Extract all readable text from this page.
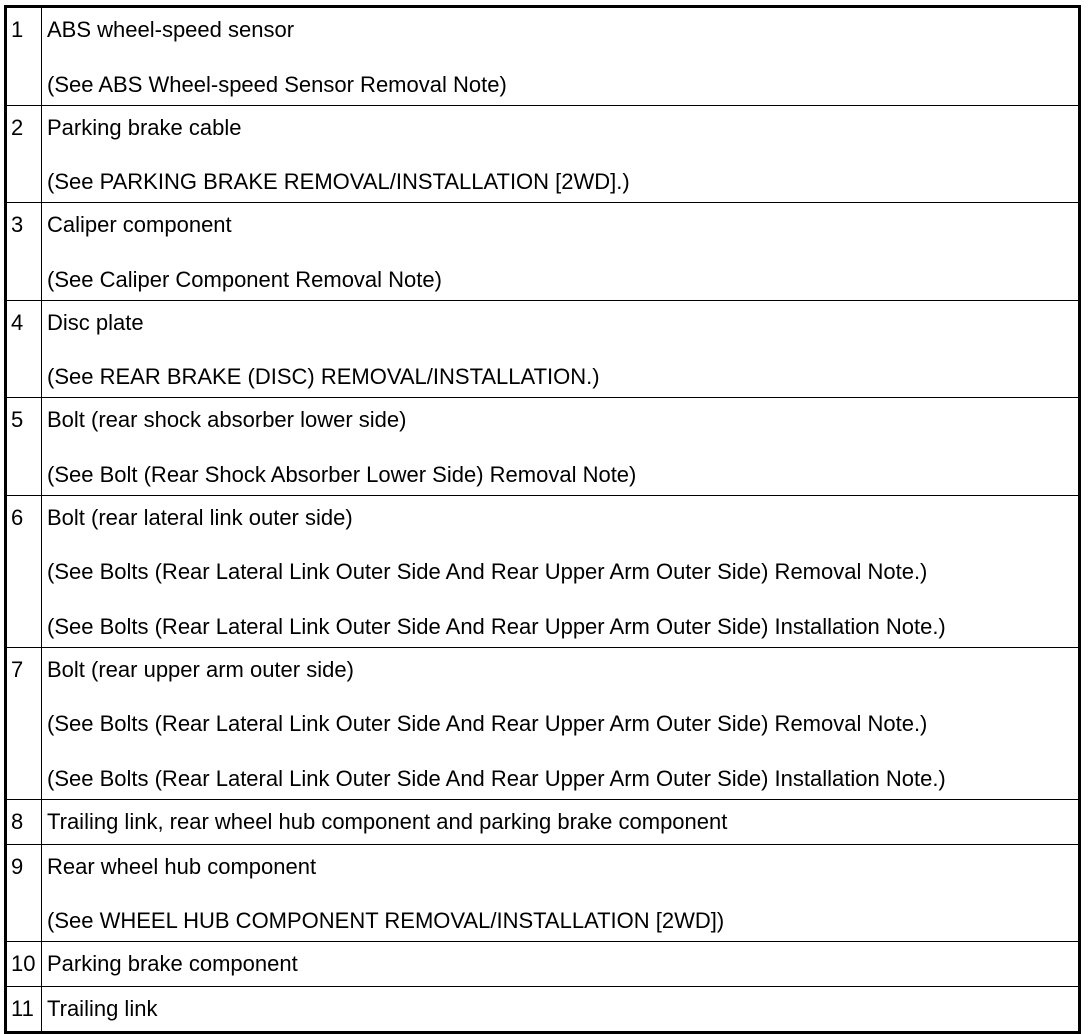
1	ABS wheel-speed sensor
(See ABS Wheel-speed Sensor Removal Note)

2	Parking brake cable
(See PARKING BRAKE REMOVAL/INSTALLATION [2WD].)

3	Caliper component
(See Caliper Component Removal Note)

4	Disc plate
(See REAR BRAKE (DISC) REMOVAL/INSTALLATION.)

5	Bolt (rear shock absorber lower side)
(See Bolt (Rear Shock Absorber Lower Side) Removal Note)

6	Bolt (rear lateral link outer side)
(See Bolts (Rear Lateral Link Outer Side And Rear Upper Arm Outer Side) Removal Note.)
(See Bolts (Rear Lateral Link Outer Side And Rear Upper Arm Outer Side) Installation Note.)

7	Bolt (rear upper arm outer side)
(See Bolts (Rear Lateral Link Outer Side And Rear Upper Arm Outer Side) Removal Note.)
(See Bolts (Rear Lateral Link Outer Side And Rear Upper Arm Outer Side) Installation Note.)

8	Trailing link, rear wheel hub component and parking brake component

9	Rear wheel hub component
(See WHEEL HUB COMPONENT REMOVAL/INSTALLATION [2WD])

10	Parking brake component

11	Trailing link
